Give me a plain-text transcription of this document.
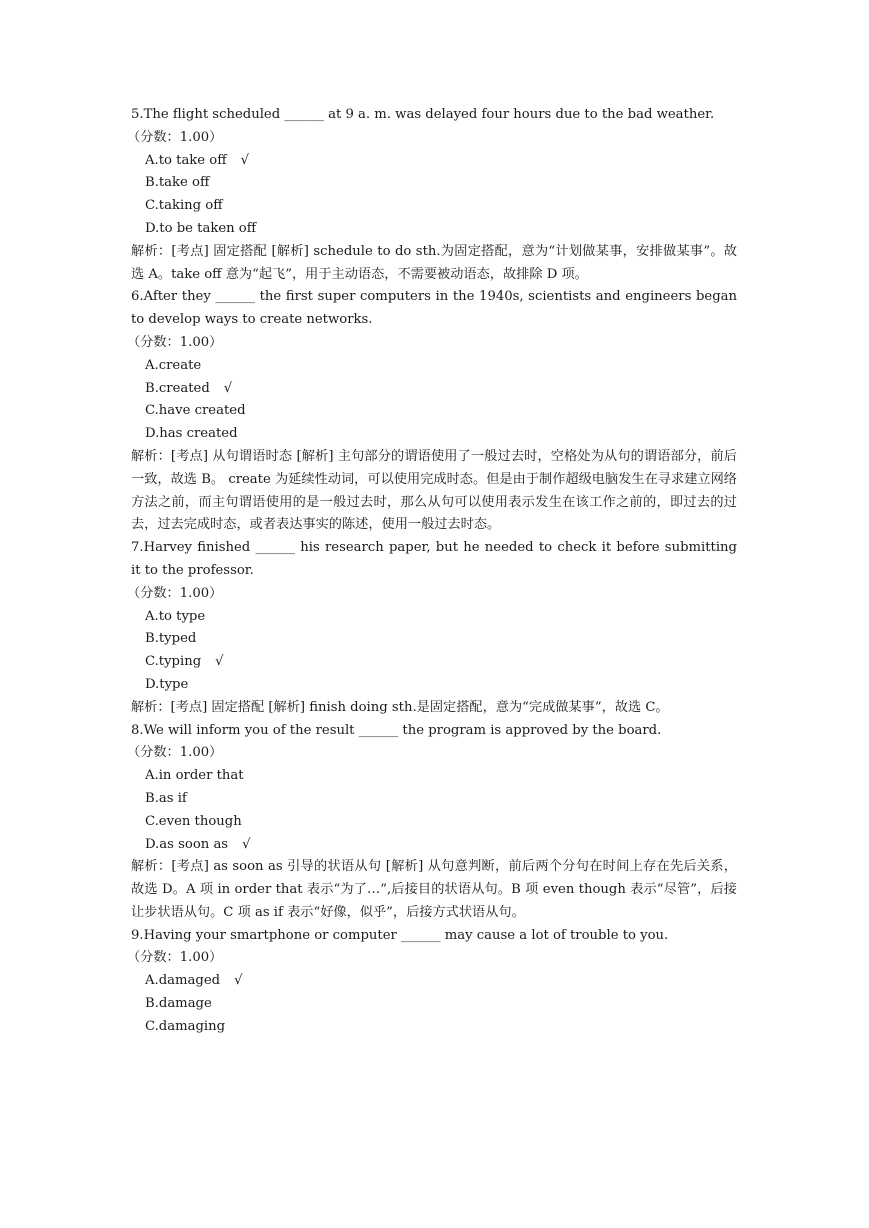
5.The flight scheduled ______ at 9 a. m. was delayed four hours due to the bad weather.

（分数：1.00）

A.to take off √

B.take off

C.taking off

D.to be taken off

解析：[考点] 固定搭配 [解析] schedule to do sth.为固定搭配，意为“计划做某事，安排做某事”。故选 A。take off 意为“起飞”，用于主动语态，不需要被动语态，故排除 D 项。

6.After they ______ the first super computers in the 1940s, scientists and engineers began to develop ways to create networks.

（分数：1.00）

A.create

B.created √

C.have created

D.has created

解析：[考点] 从句谓语时态 [解析] 主句部分的谓语使用了一般过去时，空格处为从句的谓语部分，前后一致，故选 B。 create 为延续性动词，可以使用完成时态。但是由于制作超级电脑发生在寻求建立网络方法之前，而主句谓语使用的是一般过去时，那么从句可以使用表示发生在该工作之前的，即过去的过去，过去完成时态，或者表达事实的陈述，使用一般过去时态。

7.Harvey finished ______ his research paper, but he needed to check it before submitting it to the professor.

（分数：1.00）

A.to type

B.typed

C.typing √

D.type

解析：[考点] 固定搭配 [解析] finish doing sth.是固定搭配，意为“完成做某事”，故选 C。

8.We will inform you of the result ______ the program is approved by the board.

（分数：1.00）

A.in order that

B.as if

C.even though

D.as soon as √

解析：[考点] as soon as 引导的状语从句 [解析] 从句意判断，前后两个分句在时间上存在先后关系，故选 D。A 项 in order that 表示“为了…”,后接目的状语从句。B 项 even though 表示“尽管”，后接让步状语从句。C 项 as if 表示“好像，似乎”，后接方式状语从句。

9.Having your smartphone or computer ______ may cause a lot of trouble to you.

（分数：1.00）

A.damaged √

B.damage

C.damaging
